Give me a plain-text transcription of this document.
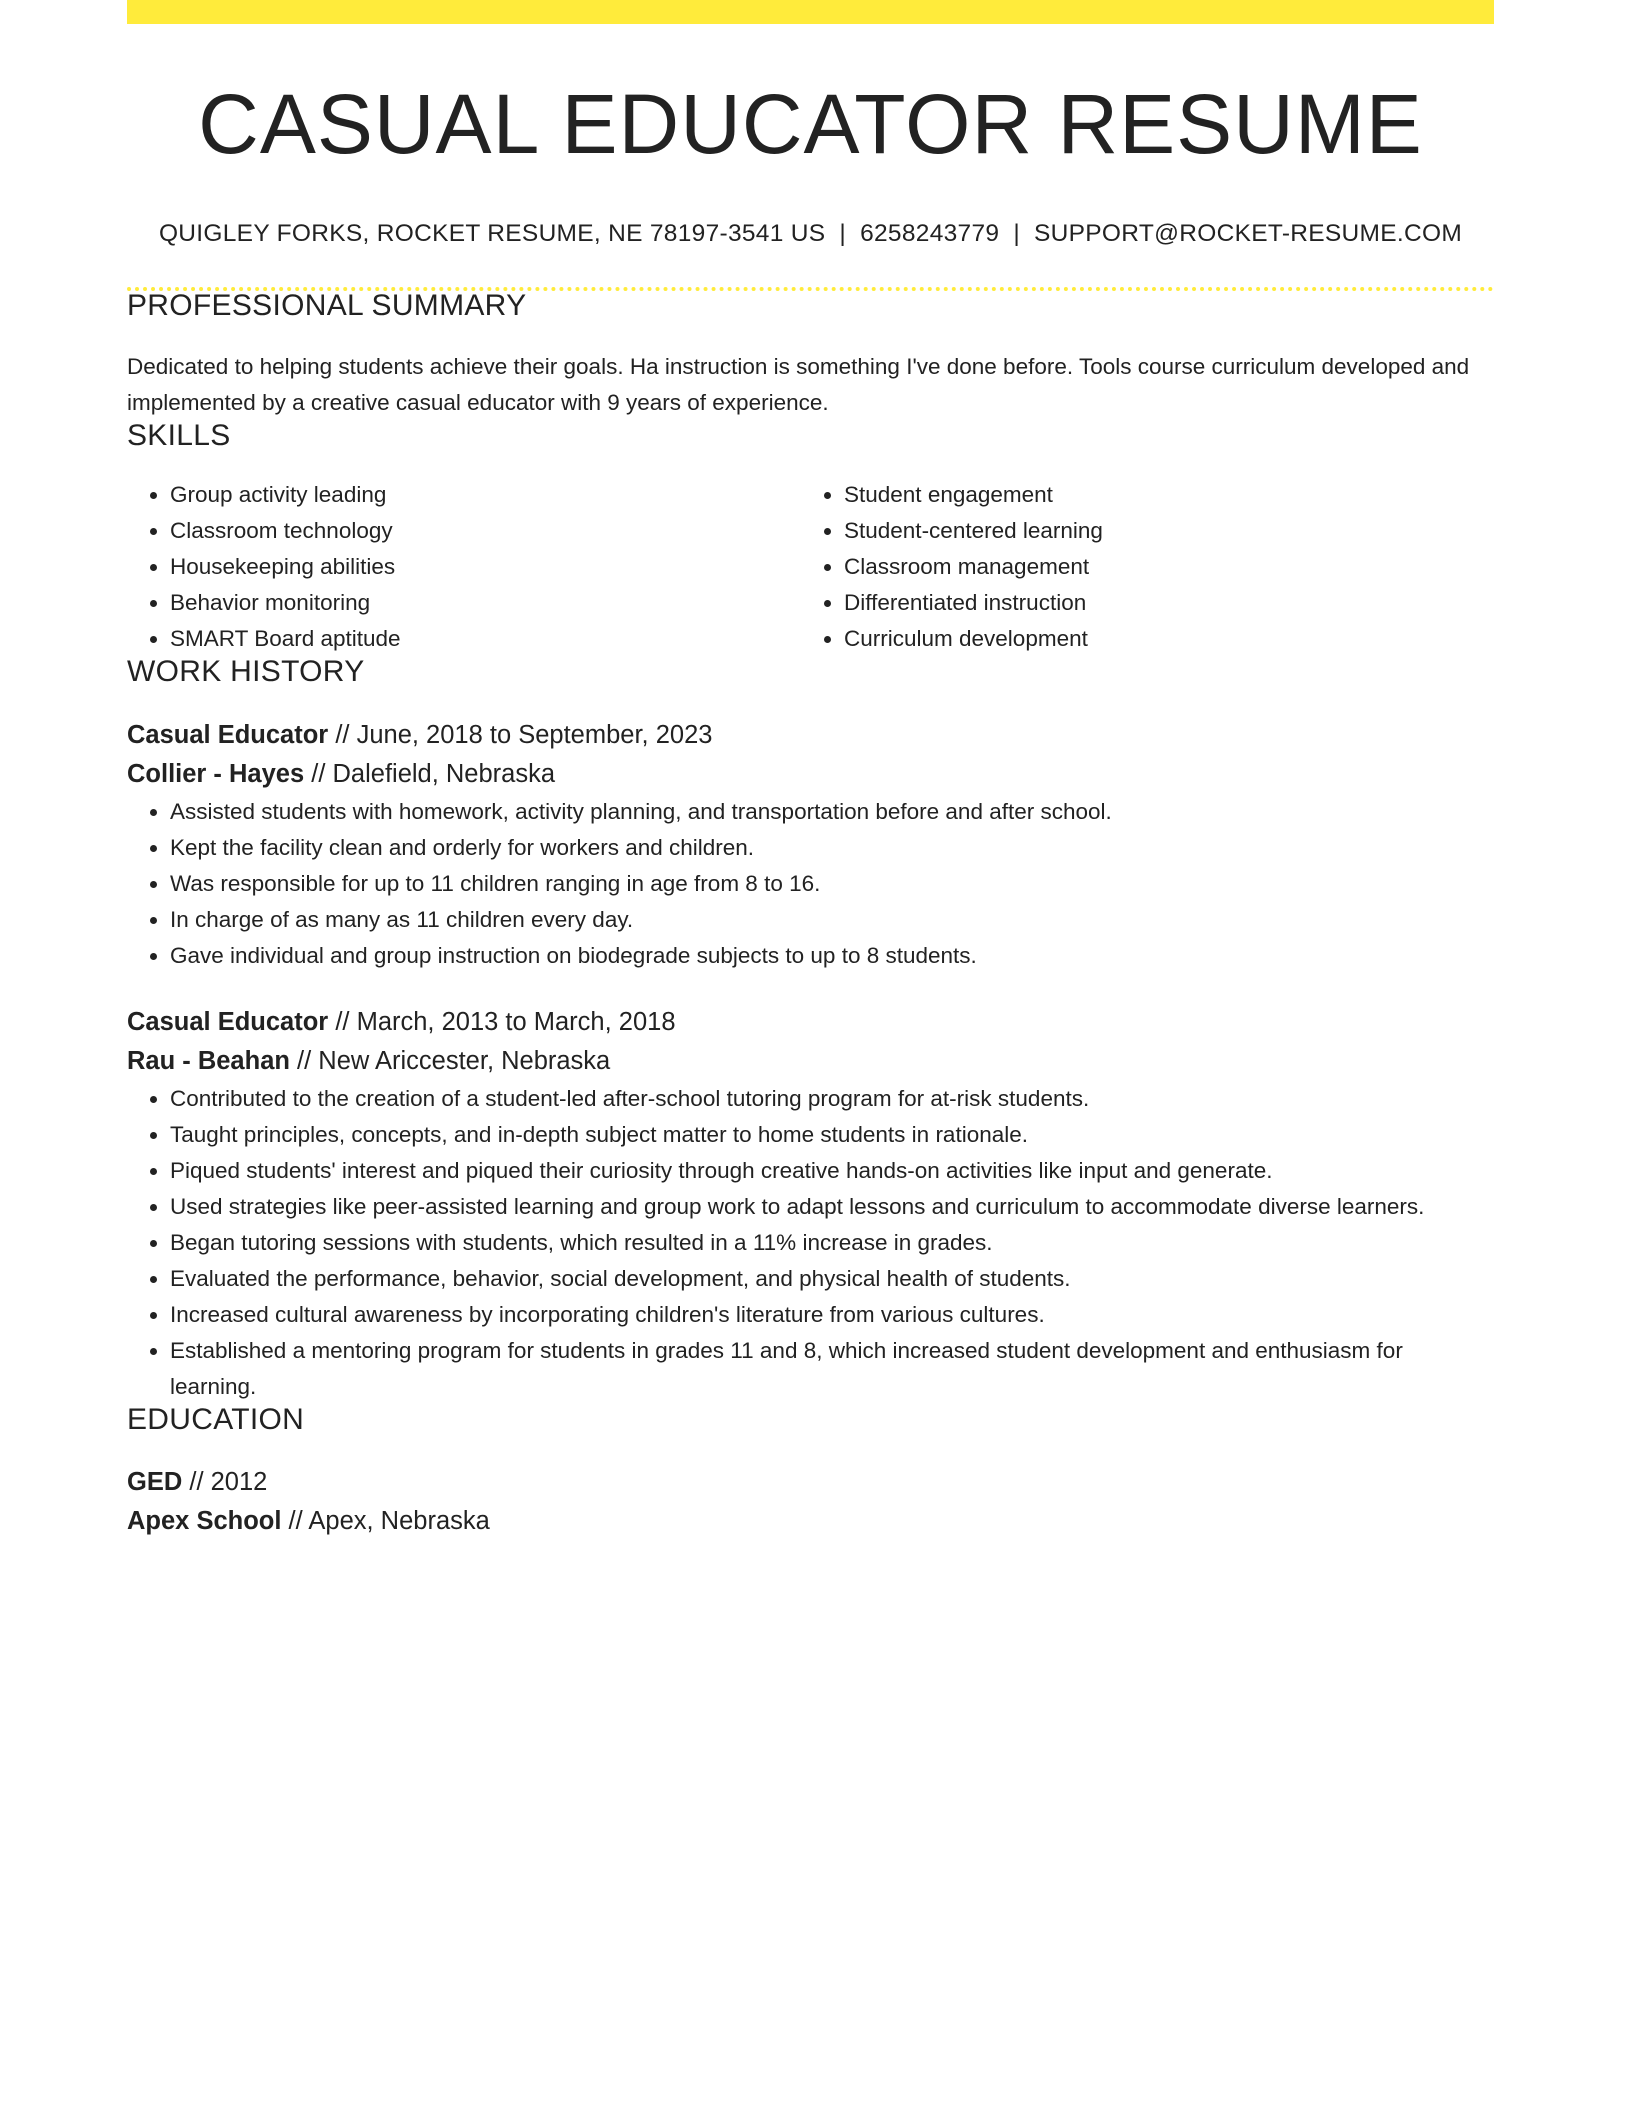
CASUAL EDUCATOR RESUME
QUIGLEY FORKS, ROCKET RESUME, NE 78197-3541 US | 6258243779 | SUPPORT@ROCKET-RESUME.COM
PROFESSIONAL SUMMARY

Dedicated to helping students achieve their goals. Ha instruction is something I've done before. Tools course curriculum developed and implemented by a creative casual educator with 9 years of experience.

SKILLS
• Group activity leading
• Classroom technology
• Housekeeping abilities
• Behavior monitoring
• SMART Board aptitude
• Student engagement
• Student-centered learning
• Classroom management
• Differentiated instruction
• Curriculum development
WORK HISTORY
Casual Educator // June, 2018 to September, 2023
Collier - Hayes // Dalefield, Nebraska
• Assisted students with homework, activity planning, and transportation before and after school.
• Kept the facility clean and orderly for workers and children.
• Was responsible for up to 11 children ranging in age from 8 to 16.
• In charge of as many as 11 children every day.
• Gave individual and group instruction on biodegrade subjects to up to 8 students.
Casual Educator // March, 2013 to March, 2018
Rau - Beahan // New Ariccester, Nebraska
• Contributed to the creation of a student-led after-school tutoring program for at-risk students.
• Taught principles, concepts, and in-depth subject matter to home students in rationale.
• Piqued students' interest and piqued their curiosity through creative hands-on activities like input and generate.
• Used strategies like peer-assisted learning and group work to adapt lessons and curriculum to accommodate diverse learners.
• Began tutoring sessions with students, which resulted in a 11% increase in grades.
• Evaluated the performance, behavior, social development, and physical health of students.
• Increased cultural awareness by incorporating children's literature from various cultures.
• Established a mentoring program for students in grades 11 and 8, which increased student development and enthusiasm for learning.
EDUCATION
GED // 2012
Apex School // Apex, Nebraska
